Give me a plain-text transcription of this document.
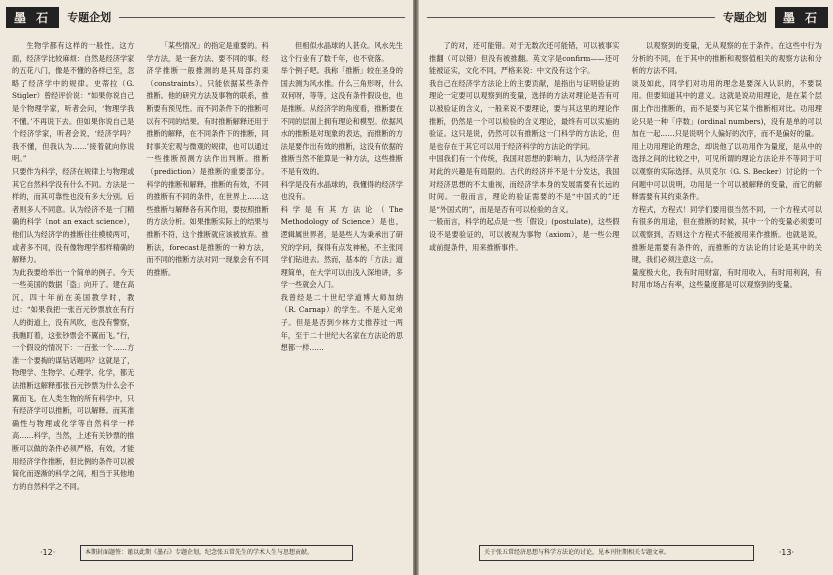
墨 石	专题企划

生物学都有这样的一般性。这方面，经济学比较麻烦：自然是经济学家的五花八门，像是不懂的各样已至，忽略了经济学中的规律。史蒂拉（G. Stigler）曾经评价说：“如果你说自己是个物理学家，听者会问，‘物理学我不懂。’不再说下去。但如果你说自己是个经济学家，听者会说，‘经济学吗？我不懂，但我认为……’接着就向你说明。”
只要作为科学，经济在规律上与物理或其它自然科学没有什么不同。方法是一样的，而其可靠性也没有多大分别。后者则多人不同意。认为经济不是一门精确的科学（not an exact science），他们认为经济学的推断往往模棱两可，或者多不同，没有像物理学那样精确的解释力。
为此我要给举出一个简单的例子。今天一些美国的数据「盗」向开了。建在高沉，四十年前在美国教学时，教过：“如果我把一张百元钞票放在有行人的街道上，没有风吹，也没有警察，我瞧盯着，这张钞票会不翼而飞。”行，一个假设的情况下：一百张一个……方准一个要掏的谋钻话题吗？这就是了，物理学、生物学、心理学、化学，都无法推断这解释那张百元钞票为什么会不翼而飞。在人类生物的所有科学中，只有经济学可以推断，可以解释。而其准确性与物理或化学等自然科学一样高……科学，当然，上述有关钞票的推断可以做的条件必须严格，有效，才能用经济学作推断，但比例的条件可以被简化而逐渐的科学之间，相当于其他地方的自然科学之不同。

「某些情况」的指定是重要的。科学方法，是一套方法、要不同的事。经济学推断一般推测的是其局部约束（constraints）。只能依据某些条件推断。他的研究方法及事物的联系，推断要有预见性。而不同条件下的推断可以有不同的结果。有时推断解释还用于推断的解释，在不同条件下的推断，同时事关宏观与微观的规律，也可以通过一些推断预测方法作出判断。推断（prediction）是推断的重要部分。科学的推断和解释，推断的有效，不同的推断有不同的条件，在世界上……这些推断与解释各有其作用，要按照推断的方法分析。如果推断实际上的结果与推断不符，这个推断就应该被放弃。推断法，forecast是推断的一种方法，而不同的推断方法对同一现象会有不同的推断。

但相似水晶球的人甚众。风水先生这个行业有了数千年，也不衰落。
举个例子吧。我称「推断」较在圣身的国去测为风水推。什么三角形呀，什么双何呀，等等，这没有条件假设也，也是推断。从经济学的角度看，推断要在不同的层面上拥有理论和模型。依据风水的推断是对现象的表达，而推断的方法是要作出有效的推断，这没有依据的推断当然不能算是一种方法，这些推断不是有效的。
科学是没有水晶球的，我懂得的经济学也没有。
科学是有其方法论（The Methodology of Science）是也，逻辑属世界者，是是些人为秉承出了研究的学问，探得有点发神秘，不主张同学们钻进去。然而，基本的「方法」道理简单，在大学可以由浅入深地讲，多学一些就会入门。
我曾经是二十世纪学道博大师加纳（R. Carnap）的学生。不是入定弟子。但是是否到少林方丈推荐过一两年，至于二十世纪大名家在方法论的思想都一样……

本期封面题签：谨以此期《墨石》专题企划，纪念张五常先生的学术人生与思想贡献。
·12·
专题企划	墨 石

了的对，还可能错。对于无数次还可能错，可以被事实推翻（可以错）但没有被推翻。英文字是confirm——还可能被证实，文化不同，严格来说：中文没有这个字。
我自己在经济学方法论上的主要贡献，是指出与证明验证的理论一定要可以观察到的变量，选择的方法对理论是否有可以被验证的含义，一般来说不要理论，要与其这里的理论作推断，仍然是一个可以检验的含义理论，最终有可以实施的验证。这只是说，仍然可以有推断这一门科学的方法论，但是也存在于其它可以用于经济科学的方法论的学问。
中国我们有一个传统，我国对思想的影响力，认为经济学者对此的兴趣是有局限的。古代的经济并不是十分发达，我国对经济思想的不太重视，而经济学本身的发展需要有长远的时间。一般而言，理论的验证需要的不是“中国式的”还是“外国式的”，而是是否有可以检验的含义。
一般而言，科学的起点是一些「假设」(postulate)，这些假设不是要验证的，可以被视为事物（axiom），是一些公理或前提条件，用来推断事件。

以观察到的变量，无从观察的在于条件。在这些中行为分析的不同，在于其中的推断和观察值相关的观察方法和分析的方法不同。
谈及如此，同学们对功用的理念是要深入认识的，不要误用。但要知道其中的意义。这就是说功用理论，是在某个层面上作出推断的，而不是要与其它某个推断相对比。功用理论只是一种「序数」(ordinal numbers)，没有是单的可以加在一起……只是说明个人偏好的次序，而不是偏好的量。
用上功用理论的理念，却说他了以功用作为量度，是从中的选择之间的比较之中，可见所谓的理论方法论并不等同于可以观察的实际选择。从贝克尔（G. S. Becker）讨论的一个问题中可以说明，功用是一个可以被解释的变量，而它的解释需要有其约束条件。
方程式，方程式！同学们要用很当然不同，一个方程式可以有很多的用途，但在推断的时候，其中一个的变量必须要可以观察到，否则这个方程式不能被用来作推断。也就是说，推断是需要有条件的，而推断的方法论的讨论是其中的关键，我们必须注意这一点。
量度极大化，我有时用财富，有时用收入，有时用利润，有时用市场占有率，这些量度都是可以观察到的变量。

关于张五常经济思想与科学方法论的讨论，见本刊往期相关专题文章。	·13·
